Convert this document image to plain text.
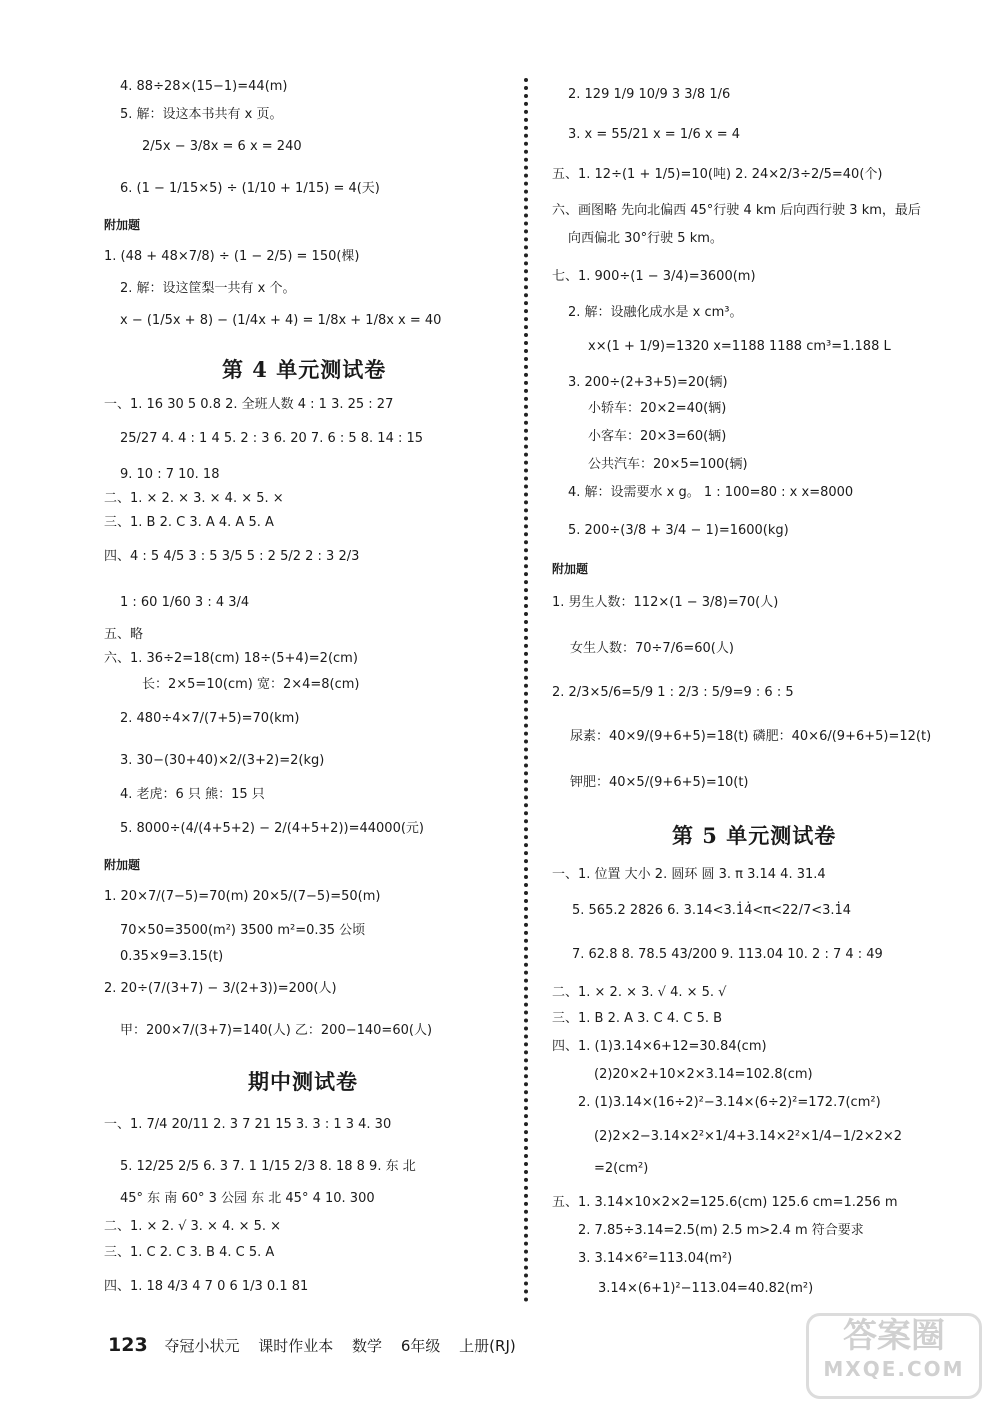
4. 88÷28×(15−1)=44(m)
5. 解：设这本书共有 x 页。
2/5x − 3/8x = 6 x = 240
6. (1 − 1/15×5) ÷ (1/10 + 1/15) = 4(天)
附加题
1. (48 + 48×7/8) ÷ (1 − 2/5) = 150(棵)
2. 解：设这筐梨一共有 x 个。
x − (1/5x + 8) − (1/4x + 4) = 1/8x + 1/8x x = 40
第 4 单元测试卷
一、1. 16 30 5 0.8 2. 全班人数 4 : 1 3. 25 : 27
25/27 4. 4 : 1 4 5. 2 : 3 6. 20 7. 6 : 5 8. 14 : 15
9. 10 : 7 10. 18
二、1. × 2. × 3. × 4. × 5. ×
三、1. B 2. C 3. A 4. A 5. A
四、4 : 5 4/5 3 : 5 3/5 5 : 2 5/2 2 : 3 2/3
1 : 60 1/60 3 : 4 3/4
五、略
六、1. 36÷2=18(cm) 18÷(5+4)=2(cm)
长：2×5=10(cm) 宽：2×4=8(cm)
2. 480÷4×7/(7+5)=70(km)
3. 30−(30+40)×2/(3+2)=2(kg)
4. 老虎：6 只 熊：15 只
5. 8000÷(4/(4+5+2) − 2/(4+5+2))=44000(元)
附加题
1. 20×7/(7−5)=70(m) 20×5/(7−5)=50(m)
70×50=3500(m²) 3500 m²=0.35 公顷
0.35×9=3.15(t)
2. 20÷(7/(3+7) − 3/(2+3))=200(人)
甲：200×7/(3+7)=140(人) 乙：200−140=60(人)
期中测试卷
一、1. 7/4 20/11 2. 3 7 21 15 3. 3 : 1 3 4. 30
5. 12/25 2/5 6. 3 7. 1 1/15 2/3 8. 18 8 9. 东 北
45° 东 南 60° 3 公园 东 北 45° 4 10. 300
二、1. × 2. √ 3. × 4. × 5. ×
三、1. C 2. C 3. B 4. C 5. A
四、1. 18 4/3 4 7 0 6 1/3 0.1 81
2. 129 1/9 10/9 3 3/8 1/6
3. x = 55/21 x = 1/6 x = 4
五、1. 12÷(1 + 1/5)=10(吨) 2. 24×2/3÷2/5=40(个)
六、画图略 先向北偏西 45°行驶 4 km 后向西行驶 3 km，最后
向西偏北 30°行驶 5 km。
七、1. 900÷(1 − 3/4)=3600(m)
2. 解：设融化成水是 x cm³。
x×(1 + 1/9)=1320 x=1188 1188 cm³=1.188 L
3. 200÷(2+3+5)=20(辆)
小轿车：20×2=40(辆)
小客车：20×3=60(辆)
公共汽车：20×5=100(辆)
4. 解：设需要水 x g。 1 : 100=80 : x x=8000
5. 200÷(3/8 + 3/4 − 1)=1600(kg)
附加题
1. 男生人数：112×(1 − 3/8)=70(人)
女生人数：70÷7/6=60(人)
2. 2/3×5/6=5/9 1 : 2/3 : 5/9=9 : 6 : 5
尿素：40×9/(9+6+5)=18(t) 磷肥：40×6/(9+6+5)=12(t)
钾肥：40×5/(9+6+5)=10(t)
第 5 单元测试卷
一、1. 位置 大小 2. 圆环 圆 3. π 3.14 4. 31.4
5. 565.2 2826 6. 3.14<3.1̇4̇<π<22/7<3.1̇4
7. 62.8 8. 78.5 43/200 9. 113.04 10. 2 : 7 4 : 49
二、1. × 2. × 3. √ 4. × 5. √
三、1. B 2. A 3. C 4. C 5. B
四、1. (1)3.14×6+12=30.84(cm)
(2)20×2+10×2×3.14=102.8(cm)
2. (1)3.14×(16÷2)²−3.14×(6÷2)²=172.7(cm²)
(2)2×2−3.14×2²×1/4+3.14×2²×1/4−1/2×2×2
=2(cm²)
五、1. 3.14×10×2×2=125.6(cm) 125.6 cm=1.256 m
2. 7.85÷3.14=2.5(m) 2.5 m>2.4 m 符合要求
3. 3.14×6²=113.04(m²)
3.14×(6+1)²−113.04=40.82(m²)
123 夺冠小状元 课时作业本 数学 6年级 上册(RJ)	答案圈
MXQE.COM
